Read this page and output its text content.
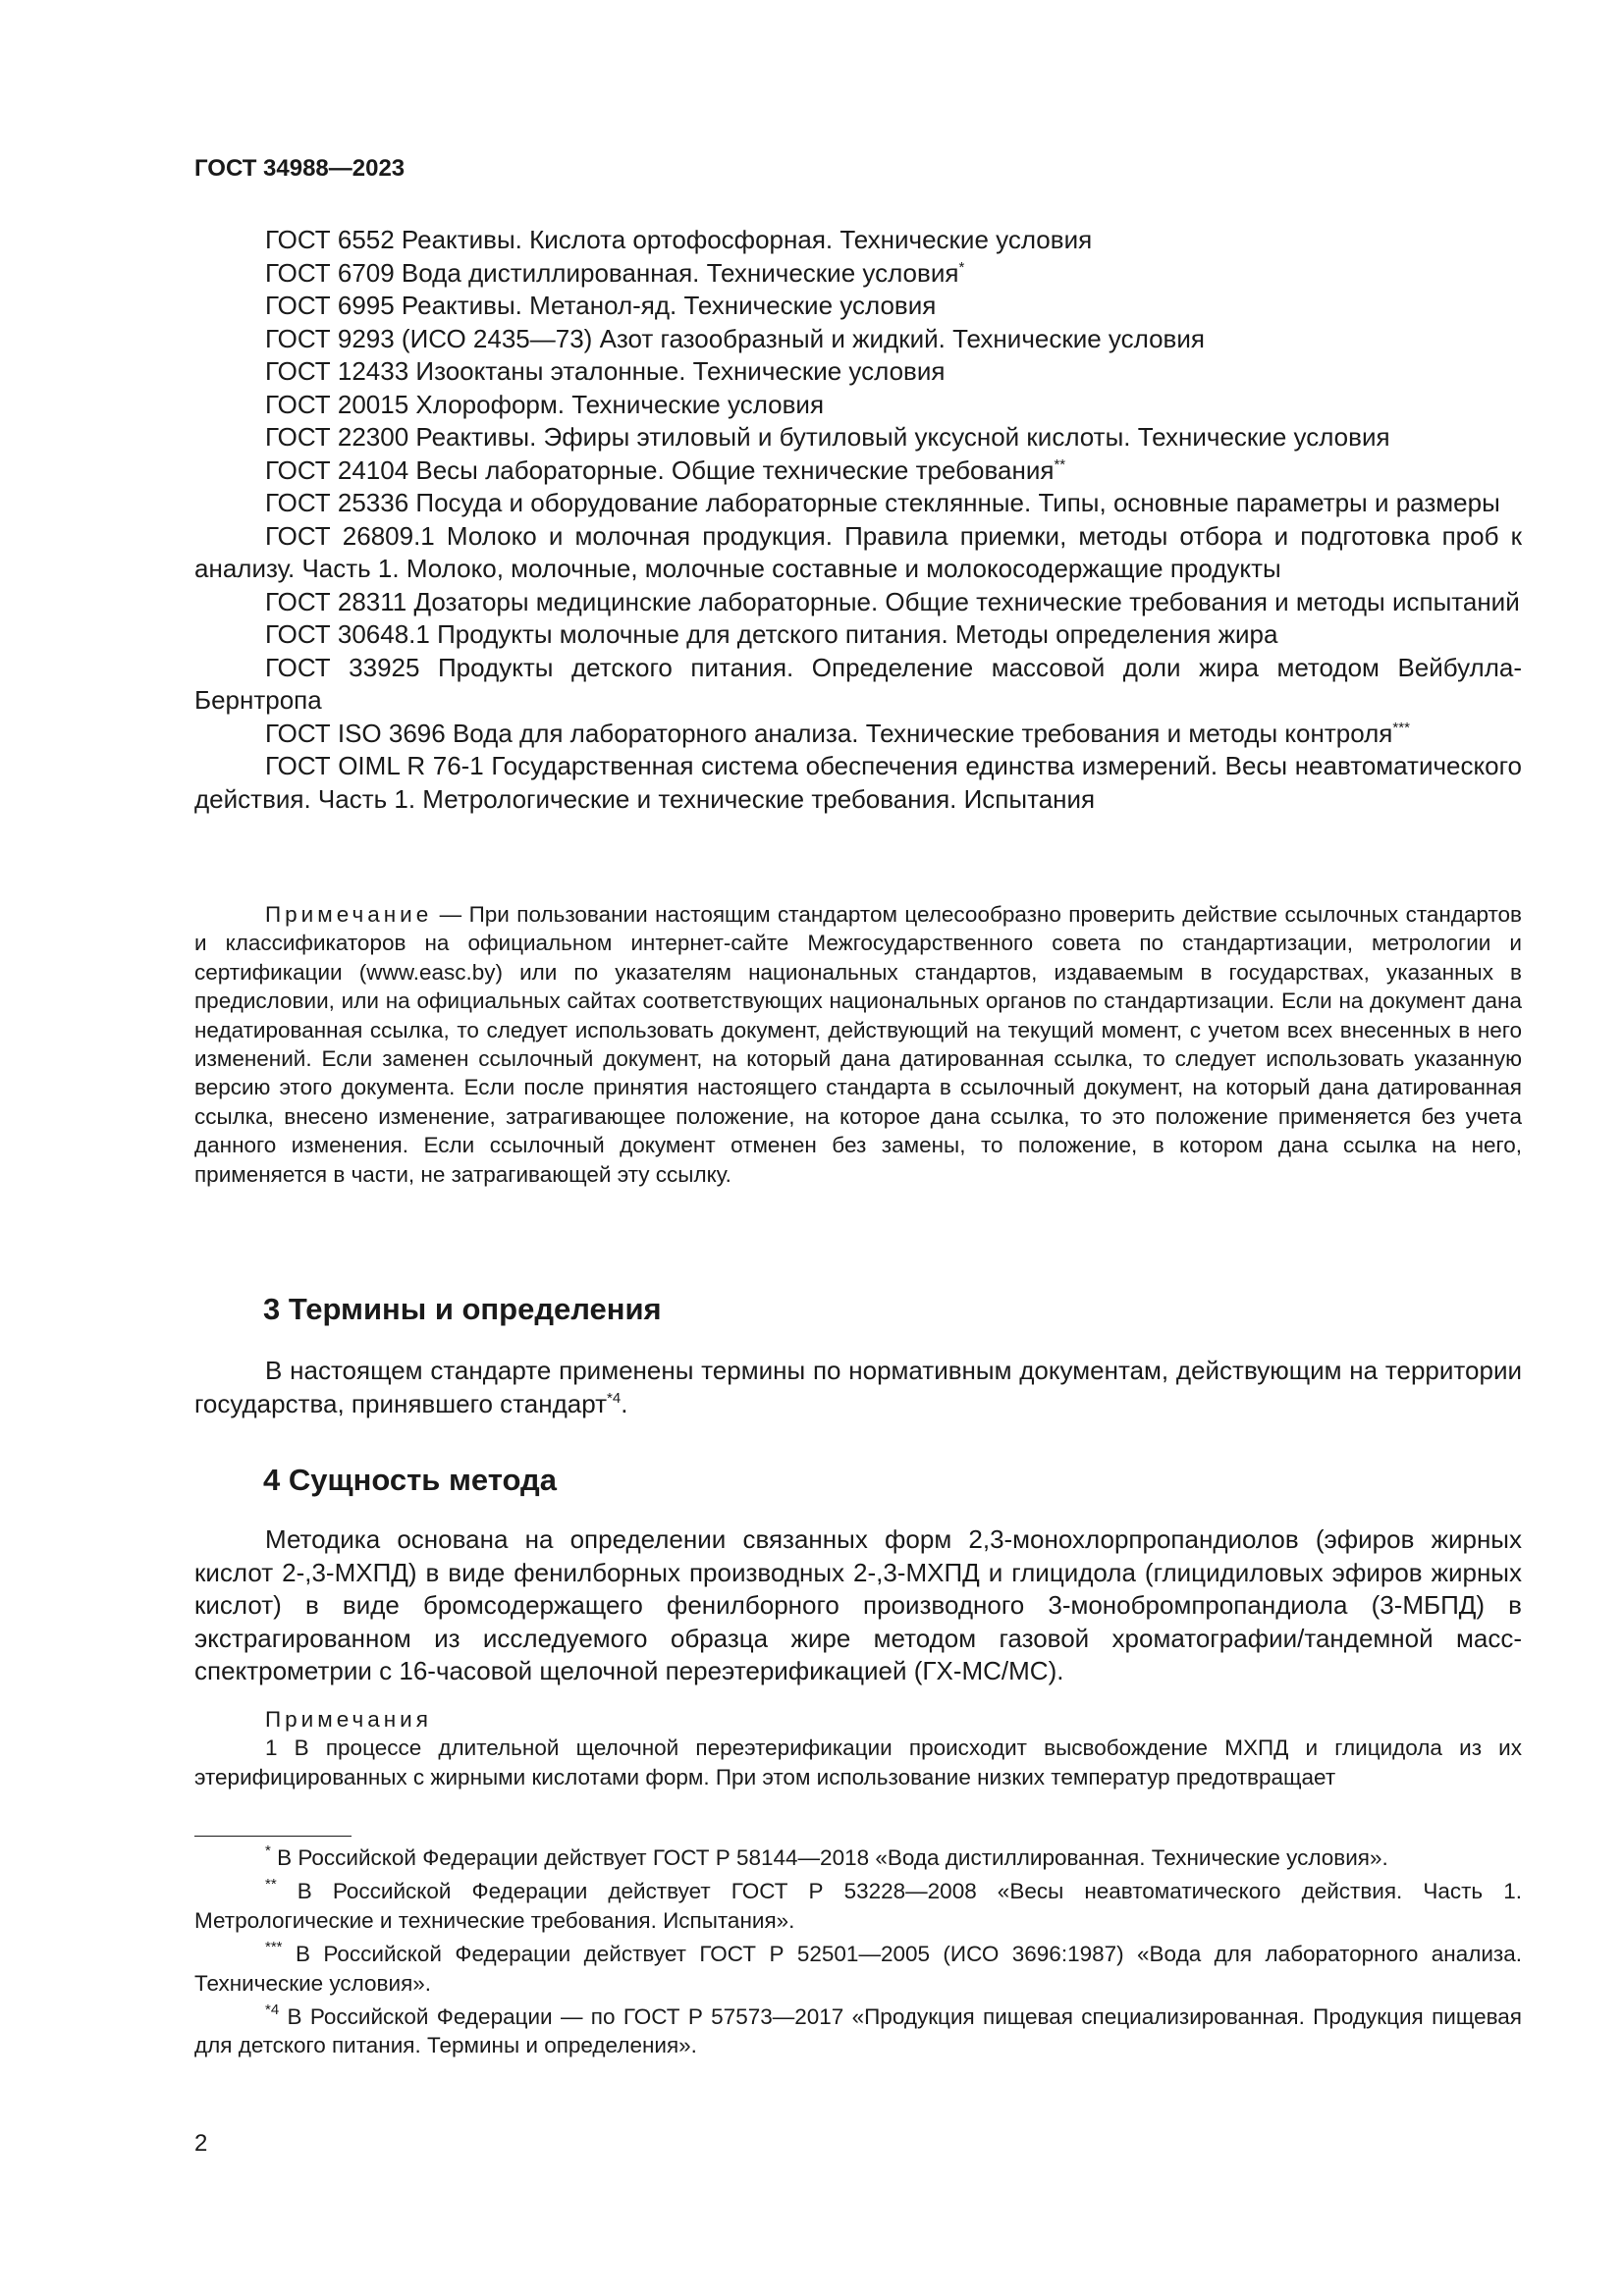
ГОСТ 34988—2023

ГОСТ 6552 Реактивы. Кислота ортофосфорная. Технические условия

ГОСТ 6709 Вода дистиллированная. Технические условия*

ГОСТ 6995 Реактивы. Метанол-яд. Технические условия

ГОСТ 9293 (ИСО 2435—73) Азот газообразный и жидкий. Технические условия

ГОСТ 12433 Изооктаны эталонные. Технические условия

ГОСТ 20015 Хлороформ. Технические условия

ГОСТ 22300 Реактивы. Эфиры этиловый и бутиловый уксусной кислоты. Технические условия

ГОСТ 24104 Весы лабораторные. Общие технические требования**

ГОСТ 25336 Посуда и оборудование лабораторные стеклянные. Типы, основные параметры и размеры

ГОСТ 26809.1 Молоко и молочная продукция. Правила приемки, методы отбора и подготовка проб к анализу. Часть 1. Молоко, молочные, молочные составные и молокосодержащие продукты

ГОСТ 28311 Дозаторы медицинские лабораторные. Общие технические требования и методы испытаний

ГОСТ 30648.1 Продукты молочные для детского питания. Методы определения жира

ГОСТ 33925 Продукты детского питания. Определение массовой доли жира методом Вейбулла-Бернтропа

ГОСТ ISO 3696 Вода для лабораторного анализа. Технические требования и методы контроля***

ГОСТ OIML R 76-1 Государственная система обеспечения единства измерений. Весы неавтоматического действия. Часть 1. Метрологические и технические требования. Испытания

Примечание — При пользовании настоящим стандартом целесообразно проверить действие ссылочных стандартов и классификаторов на официальном интернет-сайте Межгосударственного совета по стандартизации, метрологии и сертификации (www.easc.by) или по указателям национальных стандартов, издаваемым в государствах, указанных в предисловии, или на официальных сайтах соответствующих национальных органов по стандартизации. Если на документ дана недатированная ссылка, то следует использовать документ, действующий на текущий момент, с учетом всех внесенных в него изменений. Если заменен ссылочный документ, на который дана датированная ссылка, то следует использовать указанную версию этого документа. Если после принятия настоящего стандарта в ссылочный документ, на который дана датированная ссылка, внесено изменение, затрагивающее положение, на которое дана ссылка, то это положение применяется без учета данного изменения. Если ссылочный документ отменен без замены, то положение, в котором дана ссылка на него, применяется в части, не затрагивающей эту ссылку.

3 Термины и определения

В настоящем стандарте применены термины по нормативным документам, действующим на территории государства, принявшего стандарт$^{*4}$.

4 Сущность метода

Методика основана на определении связанных форм 2,3-монохлорпропандиолов (эфиров жирных кислот 2-,3-МХПД) в виде фенилборных производных 2-,3-МХПД и глицидола (глицидиловых эфиров жирных кислот) в виде бромсодержащего фенилборного производного 3-монобромпропандиола (3-МБПД) в экстрагированном из исследуемого образца жире методом газовой хроматографии/тандемной масс-спектрометрии с 16-часовой щелочной переэтерификацией (ГХ-МС/МС).

Примечания

1 В процессе длительной щелочной переэтерификации происходит высвобождение МХПД и глицидола из их этерифицированных с жирными кислотами форм. При этом использование низких температур предотвращает

* В Российской Федерации действует ГОСТ Р 58144—2018 «Вода дистиллированная. Технические условия».

** В Российской Федерации действует ГОСТ Р 53228—2008 «Весы неавтоматического действия. Часть 1. Метрологические и технические требования. Испытания».

*** В Российской Федерации действует ГОСТ Р 52501—2005 (ИСО 3696:1987) «Вода для лабораторного анализа. Технические условия».

$^{*4}$ В Российской Федерации — по ГОСТ Р 57573—2017 «Продукция пищевая специализированная. Продукция пищевая для детского питания. Термины и определения».

2
